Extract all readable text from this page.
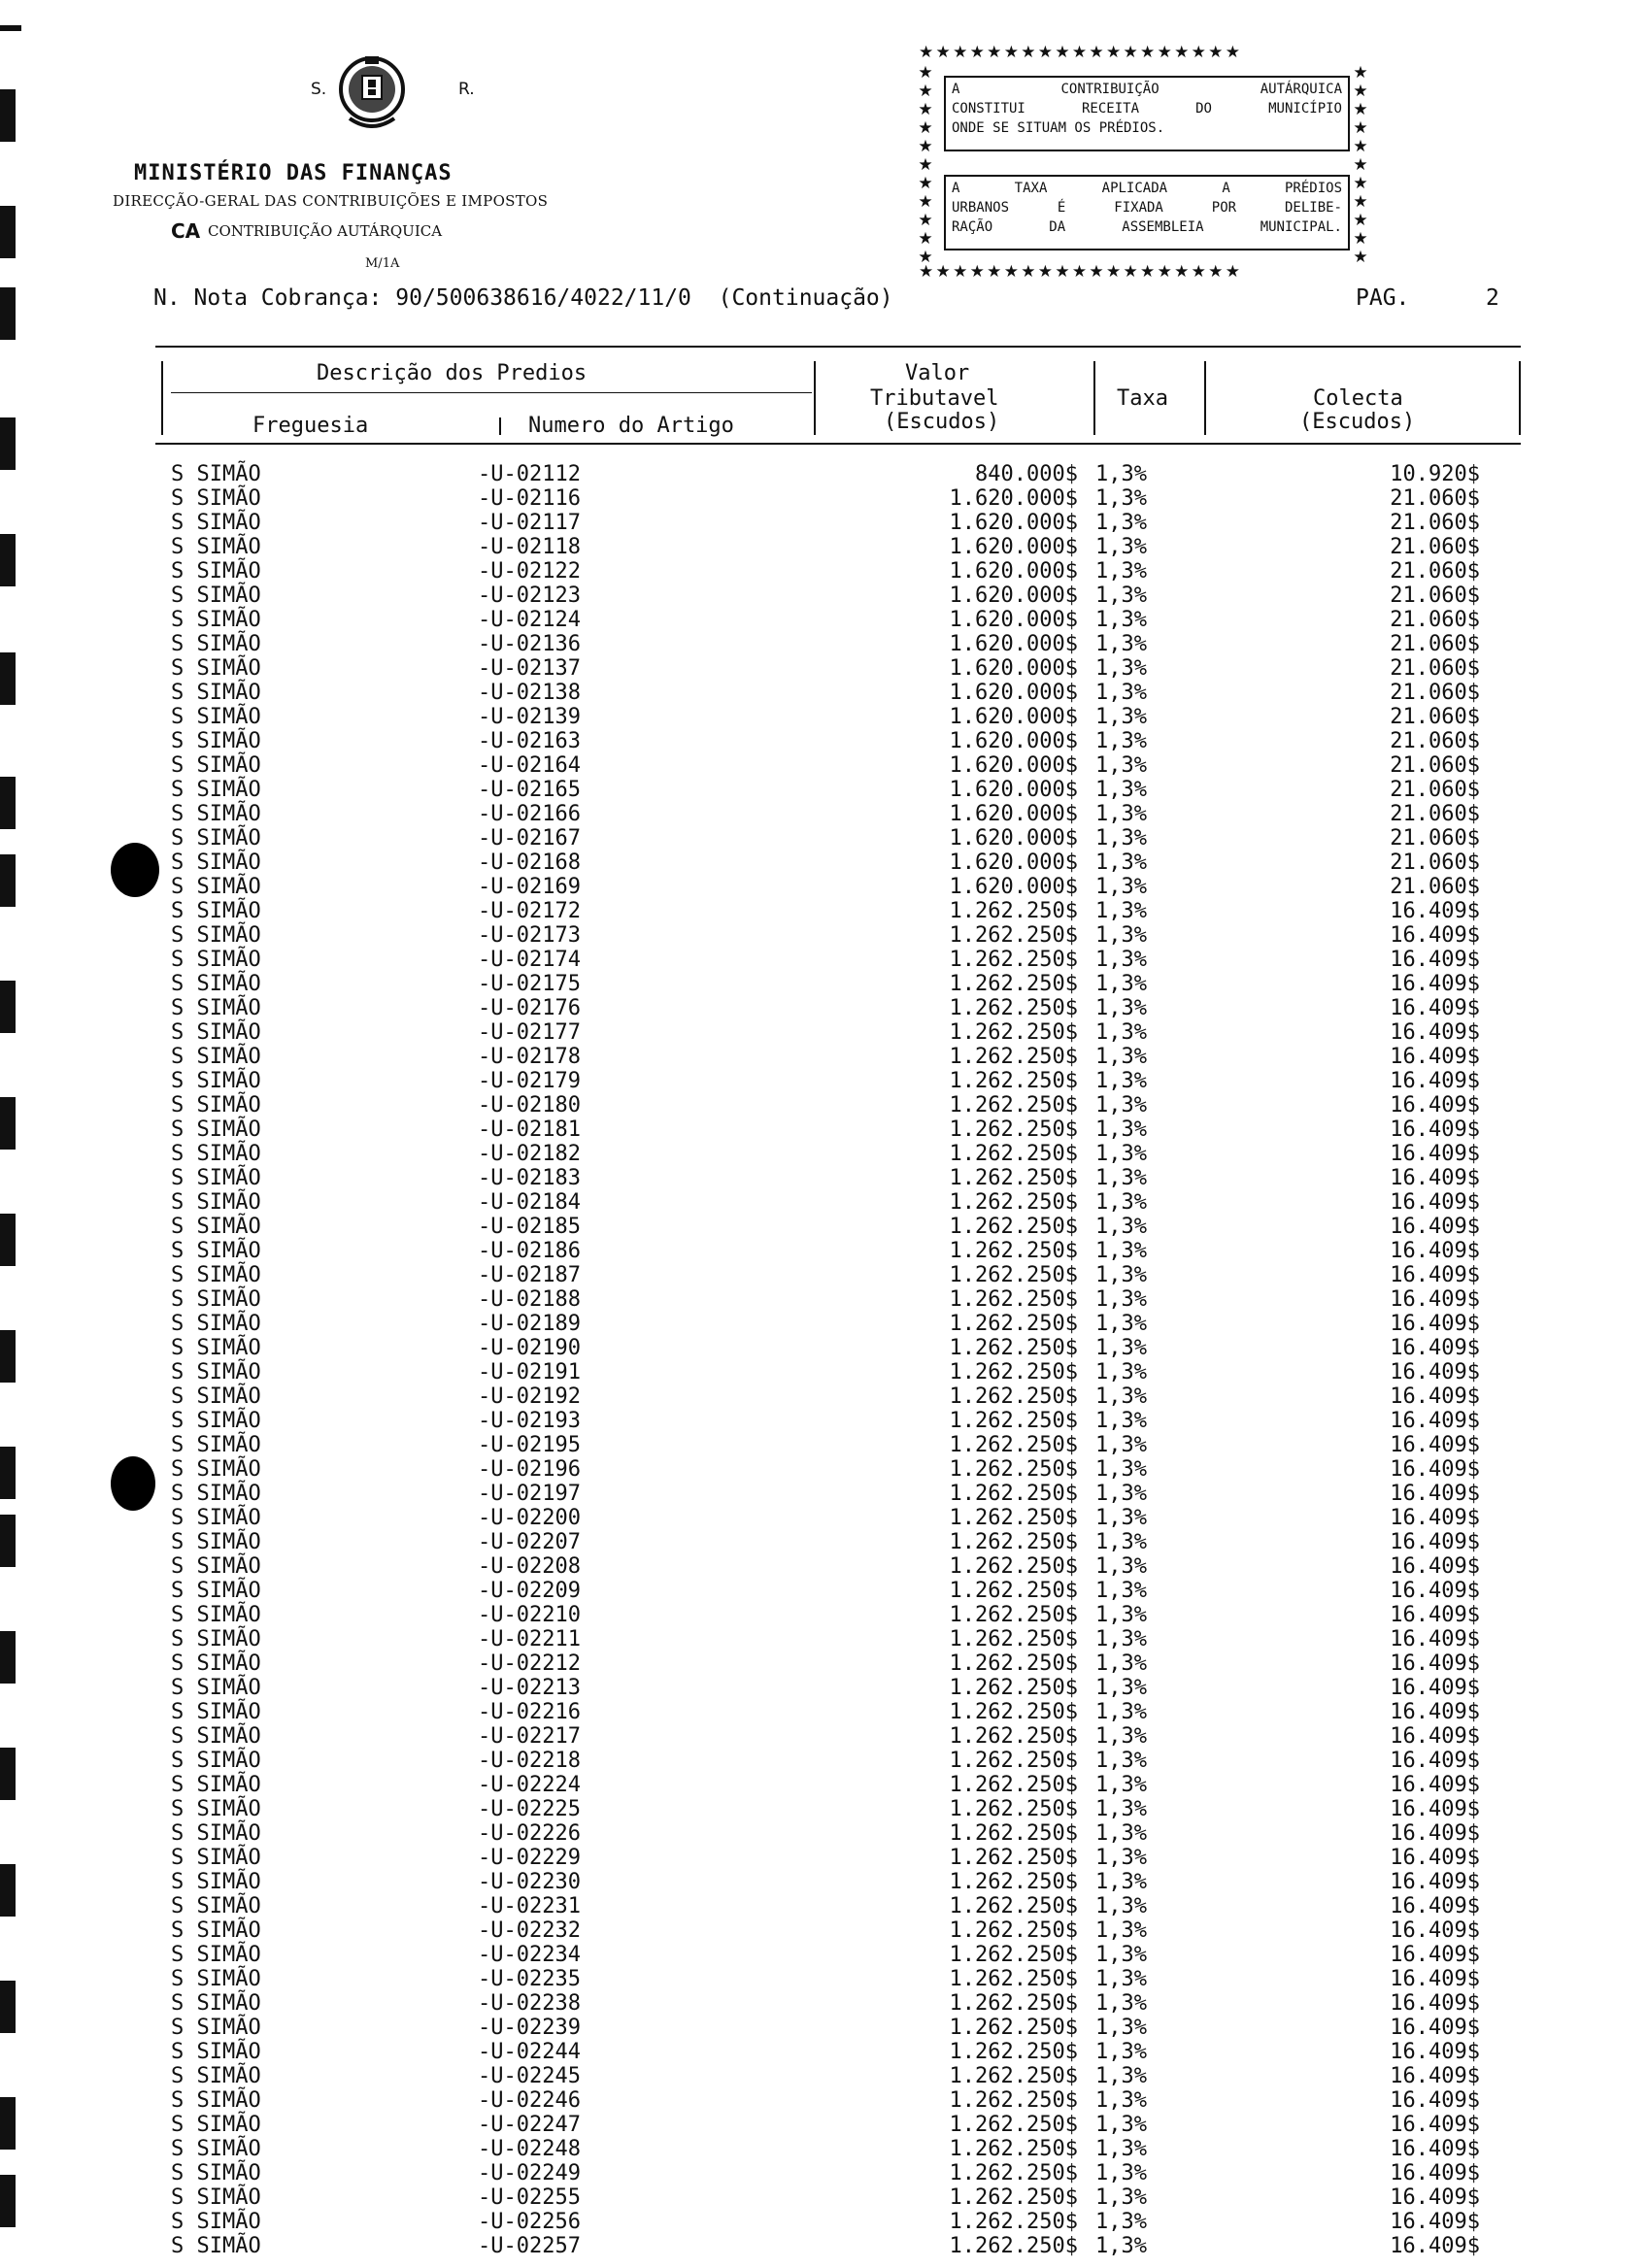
S.	R.
MINISTÉRIO DAS FINANÇAS
DIRECÇÃO-GERAL DAS CONTRIBUIÇÕES E IMPOSTOS
CA CONTRIBUIÇÃO AUTÁRQUICA
M/1A
★★★★★★★★★★★★★★★★★★★
★★★★★★★★★★★★★★★★★★★
★
★
★
★
★
★
★
★
★
★
★
★
★
★
★
★
★
★
★
★
★
★
A CONTRIBUIÇÃO AUTÁRQUICA
CONSTITUI RECEITA DO MUNICÍPIO
ONDE SE SITUAM OS PRÉDIOS.
A TAXA APLICADA A PRÉDIOS
URBANOS É FIXADA POR DELIBE-
RAÇÃO DA ASSEMBLEIA MUNICIPAL.
N. Nota Cobrança: 90/500638616/4022/11/0 (Continuação)	PAG.	2
Descrição dos Predios
Freguesia	Numero do Artigo
Valor
Tributavel
(Escudos)
Taxa	Colecta
(Escudos)
S SIMÃO	-U-02112	840.000$ 1,3%	10.920$
S SIMÃO	-U-02116	1.620.000$ 1,3%	21.060$
S SIMÃO	-U-02117	1.620.000$ 1,3%	21.060$
S SIMÃO	-U-02118	1.620.000$ 1,3%	21.060$
S SIMÃO	-U-02122	1.620.000$ 1,3%	21.060$
S SIMÃO	-U-02123	1.620.000$ 1,3%	21.060$
S SIMÃO	-U-02124	1.620.000$ 1,3%	21.060$
S SIMÃO	-U-02136	1.620.000$ 1,3%	21.060$
S SIMÃO	-U-02137	1.620.000$ 1,3%	21.060$
S SIMÃO	-U-02138	1.620.000$ 1,3%	21.060$
S SIMÃO	-U-02139	1.620.000$ 1,3%	21.060$
S SIMÃO	-U-02163	1.620.000$ 1,3%	21.060$
S SIMÃO	-U-02164	1.620.000$ 1,3%	21.060$
S SIMÃO	-U-02165	1.620.000$ 1,3%	21.060$
S SIMÃO	-U-02166	1.620.000$ 1,3%	21.060$
S SIMÃO	-U-02167	1.620.000$ 1,3%	21.060$
S SIMÃO	-U-02168	1.620.000$ 1,3%	21.060$
S SIMÃO	-U-02169	1.620.000$ 1,3%	21.060$
S SIMÃO	-U-02172	1.262.250$ 1,3%	16.409$
S SIMÃO	-U-02173	1.262.250$ 1,3%	16.409$
S SIMÃO	-U-02174	1.262.250$ 1,3%	16.409$
S SIMÃO	-U-02175	1.262.250$ 1,3%	16.409$
S SIMÃO	-U-02176	1.262.250$ 1,3%	16.409$
S SIMÃO	-U-02177	1.262.250$ 1,3%	16.409$
S SIMÃO	-U-02178	1.262.250$ 1,3%	16.409$
S SIMÃO	-U-02179	1.262.250$ 1,3%	16.409$
S SIMÃO	-U-02180	1.262.250$ 1,3%	16.409$
S SIMÃO	-U-02181	1.262.250$ 1,3%	16.409$
S SIMÃO	-U-02182	1.262.250$ 1,3%	16.409$
S SIMÃO	-U-02183	1.262.250$ 1,3%	16.409$
S SIMÃO	-U-02184	1.262.250$ 1,3%	16.409$
S SIMÃO	-U-02185	1.262.250$ 1,3%	16.409$
S SIMÃO	-U-02186	1.262.250$ 1,3%	16.409$
S SIMÃO	-U-02187	1.262.250$ 1,3%	16.409$
S SIMÃO	-U-02188	1.262.250$ 1,3%	16.409$
S SIMÃO	-U-02189	1.262.250$ 1,3%	16.409$
S SIMÃO	-U-02190	1.262.250$ 1,3%	16.409$
S SIMÃO	-U-02191	1.262.250$ 1,3%	16.409$
S SIMÃO	-U-02192	1.262.250$ 1,3%	16.409$
S SIMÃO	-U-02193	1.262.250$ 1,3%	16.409$
S SIMÃO	-U-02195	1.262.250$ 1,3%	16.409$
S SIMÃO	-U-02196	1.262.250$ 1,3%	16.409$
S SIMÃO	-U-02197	1.262.250$ 1,3%	16.409$
S SIMÃO	-U-02200	1.262.250$ 1,3%	16.409$
S SIMÃO	-U-02207	1.262.250$ 1,3%	16.409$
S SIMÃO	-U-02208	1.262.250$ 1,3%	16.409$
S SIMÃO	-U-02209	1.262.250$ 1,3%	16.409$
S SIMÃO	-U-02210	1.262.250$ 1,3%	16.409$
S SIMÃO	-U-02211	1.262.250$ 1,3%	16.409$
S SIMÃO	-U-02212	1.262.250$ 1,3%	16.409$
S SIMÃO	-U-02213	1.262.250$ 1,3%	16.409$
S SIMÃO	-U-02216	1.262.250$ 1,3%	16.409$
S SIMÃO	-U-02217	1.262.250$ 1,3%	16.409$
S SIMÃO	-U-02218	1.262.250$ 1,3%	16.409$
S SIMÃO	-U-02224	1.262.250$ 1,3%	16.409$
S SIMÃO	-U-02225	1.262.250$ 1,3%	16.409$
S SIMÃO	-U-02226	1.262.250$ 1,3%	16.409$
S SIMÃO	-U-02229	1.262.250$ 1,3%	16.409$
S SIMÃO	-U-02230	1.262.250$ 1,3%	16.409$
S SIMÃO	-U-02231	1.262.250$ 1,3%	16.409$
S SIMÃO	-U-02232	1.262.250$ 1,3%	16.409$
S SIMÃO	-U-02234	1.262.250$ 1,3%	16.409$
S SIMÃO	-U-02235	1.262.250$ 1,3%	16.409$
S SIMÃO	-U-02238	1.262.250$ 1,3%	16.409$
S SIMÃO	-U-02239	1.262.250$ 1,3%	16.409$
S SIMÃO	-U-02244	1.262.250$ 1,3%	16.409$
S SIMÃO	-U-02245	1.262.250$ 1,3%	16.409$
S SIMÃO	-U-02246	1.262.250$ 1,3%	16.409$
S SIMÃO	-U-02247	1.262.250$ 1,3%	16.409$
S SIMÃO	-U-02248	1.262.250$ 1,3%	16.409$
S SIMÃO	-U-02249	1.262.250$ 1,3%	16.409$
S SIMÃO	-U-02255	1.262.250$ 1,3%	16.409$
S SIMÃO	-U-02256	1.262.250$ 1,3%	16.409$
S SIMÃO	-U-02257	1.262.250$ 1,3%	16.409$
